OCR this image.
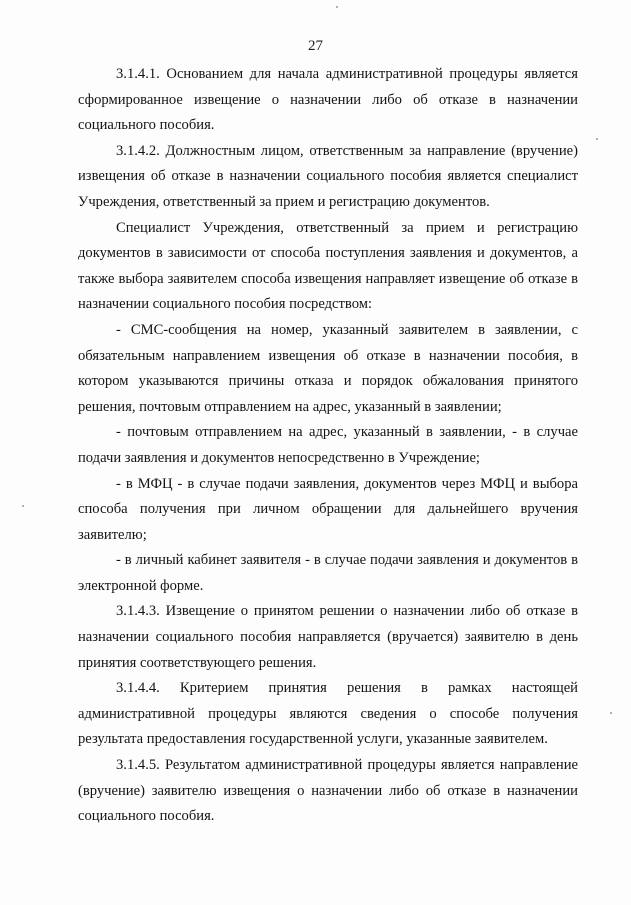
27

3.1.4.1. Основанием для начала административной процедуры является сформированное извещение о назначении либо об отказе в назначении социального пособия.

3.1.4.2. Должностным лицом, ответственным за направление (вручение) извещения об отказе в назначении социального пособия является специалист Учреждения, ответственный за прием и регистрацию документов.

Специалист Учреждения, ответственный за прием и регистрацию документов в зависимости от способа поступления заявления и документов, а также выбора заявителем способа извещения направляет извещение об отказе в назначении социального пособия посредством:

- СМС-сообщения на номер, указанный заявителем в заявлении, с обязательным направлением извещения об отказе в назначении пособия, в котором указываются причины отказа и порядок обжалования принятого решения, почтовым отправлением на адрес, указанный в заявлении;

- почтовым отправлением на адрес, указанный в заявлении, - в случае подачи заявления и документов непосредственно в Учреждение;

- в МФЦ - в случае подачи заявления, документов через МФЦ и выбора способа получения при личном обращении для дальнейшего вручения заявителю;

- в личный кабинет заявителя - в случае подачи заявления и документов в электронной форме.

3.1.4.3. Извещение о принятом решении о назначении либо об отказе в назначении социального пособия направляется (вручается) заявителю в день принятия соответствующего решения.

3.1.4.4. Критерием принятия решения в рамках настоящей административной процедуры являются сведения о способе получения результата предоставления государственной услуги, указанные заявителем.

3.1.4.5. Результатом административной процедуры является направление (вручение) заявителю извещения о назначении либо об отказе в назначении социального пособия.
